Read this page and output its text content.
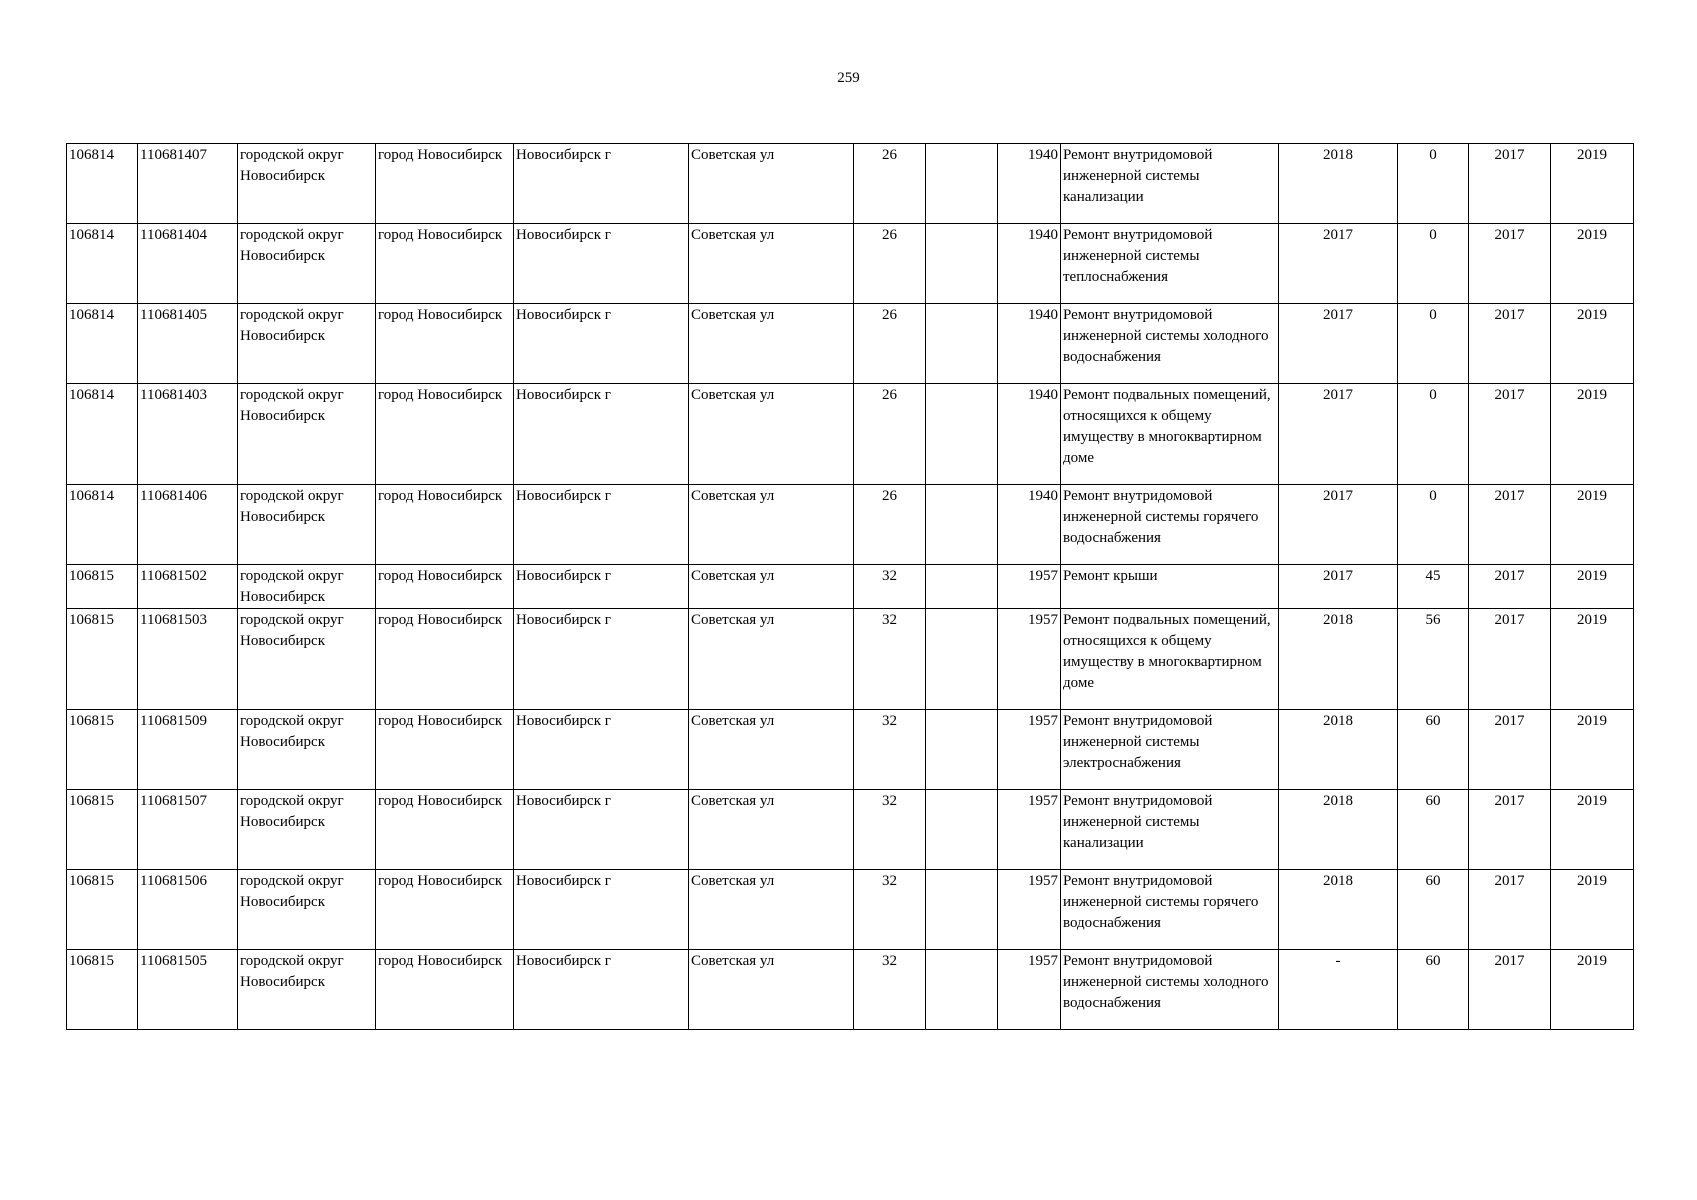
259
106814	110681407	городской округ Новосибирск	город Новосибирск	Новосибирск г	Советская ул	26		1940	Ремонт внутридомовой инженерной системы канализации	2018	0	2017	2019
106814	110681404	городской округ Новосибирск	город Новосибирск	Новосибирск г	Советская ул	26		1940	Ремонт внутридомовой инженерной системы теплоснабжения	2017	0	2017	2019
106814	110681405	городской округ Новосибирск	город Новосибирск	Новосибирск г	Советская ул	26		1940	Ремонт внутридомовой инженерной системы холодного водоснабжения	2017	0	2017	2019
106814	110681403	городской округ Новосибирск	город Новосибирск	Новосибирск г	Советская ул	26		1940	Ремонт подвальных помещений, относящихся к общему имуществу в многоквартирном доме	2017	0	2017	2019
106814	110681406	городской округ Новосибирск	город Новосибирск	Новосибирск г	Советская ул	26		1940	Ремонт внутридомовой инженерной системы горячего водоснабжения	2017	0	2017	2019
106815	110681502	городской округ Новосибирск	город Новосибирск	Новосибирск г	Советская ул	32		1957	Ремонт крыши	2017	45	2017	2019
106815	110681503	городской округ Новосибирск	город Новосибирск	Новосибирск г	Советская ул	32		1957	Ремонт подвальных помещений, относящихся к общему имуществу в многоквартирном доме	2018	56	2017	2019
106815	110681509	городской округ Новосибирск	город Новосибирск	Новосибирск г	Советская ул	32		1957	Ремонт внутридомовой инженерной системы электроснабжения	2018	60	2017	2019
106815	110681507	городской округ Новосибирск	город Новосибирск	Новосибирск г	Советская ул	32		1957	Ремонт внутридомовой инженерной системы канализации	2018	60	2017	2019
106815	110681506	городской округ Новосибирск	город Новосибирск	Новосибирск г	Советская ул	32		1957	Ремонт внутридомовой инженерной системы горячего водоснабжения	2018	60	2017	2019
106815	110681505	городской округ Новосибирск	город Новосибирск	Новосибирск г	Советская ул	32		1957	Ремонт внутридомовой инженерной системы холодного водоснабжения	-	60	2017	2019
